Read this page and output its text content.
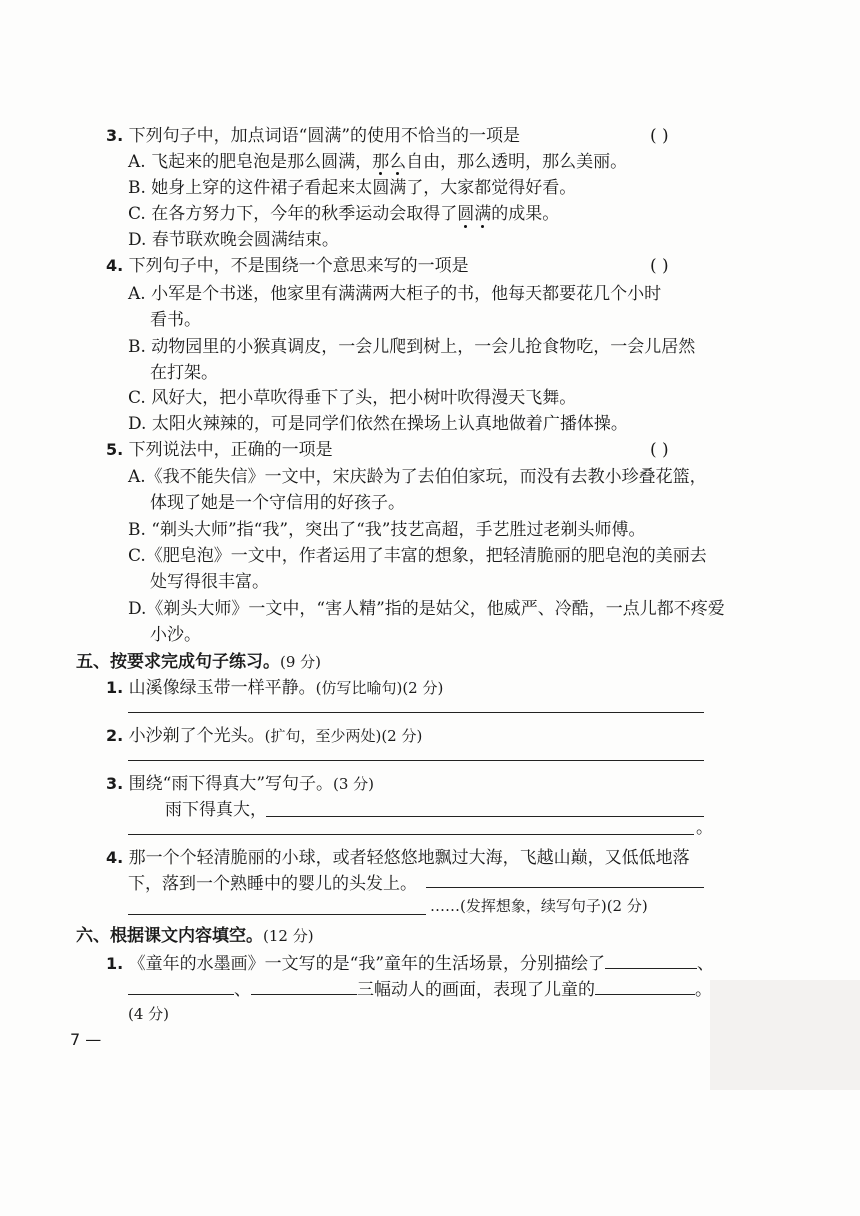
3. 下列句子中，加点词语“圆满”的使用不恰当的一项是	( )
A. 飞起来的肥皂泡是那么圆满，那么自由，那么透明，那么美丽。
B. 她身上穿的这件裙子看起来太
圆满了，大家都觉得好看。
C. 在各方努力下，今年的秋季运动会取得了
圆满的成果。
D. 春节联欢晚会圆满结束。
4. 下列句子中，不是围绕一个意思来写的一项是	( )
A. 小军是个书迷，他家里有满满两大柜子的书，他每天都要花几个小时
看书。
B. 动物园里的小猴真调皮，一会儿爬到树上，一会儿抢食物吃，一会儿居然
在打架。
C. 风好大，把小草吹得垂下了头，把小树叶吹得漫天飞舞。
D. 太阳火辣辣的，可是同学们依然在操场上认真地做着广播体操。
5. 下列说法中，正确的一项是	( )
A.《我不能失信》一文中，宋庆龄为了去伯伯家玩，而没有去教小珍叠花篮，
体现了她是一个守信用的好孩子。
B. “剃头大师”指“我”，突出了“我”技艺高超，手艺胜过老剃头师傅。
C.《肥皂泡》一文中，作者运用了丰富的想象，把轻清脆丽的肥皂泡的美丽去
处写得很丰富。
D.《剃头大师》一文中，“害人精”指的是姑父，他威严、冷酷，一点儿都不疼爱
小沙。
五、按要求完成句子练习。(9 分)
1. 山溪像绿玉带一样平静。(仿写比喻句)(2 分)
2. 小沙剃了个光头。(扩句，至少两处)(2 分)
3. 围绕“雨下得真大”写句子。(3 分)
雨下得真大，
。
4. 那一个个轻清脆丽的小球，或者轻悠悠地飘过大海，飞越山巅，又低低地落
下，落到一个熟睡中的婴儿的头发上。
……(发挥想象，续写句子)(2 分)
六、根据课文内容填空。(12 分)
1. 《童年的水墨画》一文写的是“我”童年的生活场景，分别描绘了	、
、	三幅动人的画面，表现了儿童的	。
(4 分)
7 —
